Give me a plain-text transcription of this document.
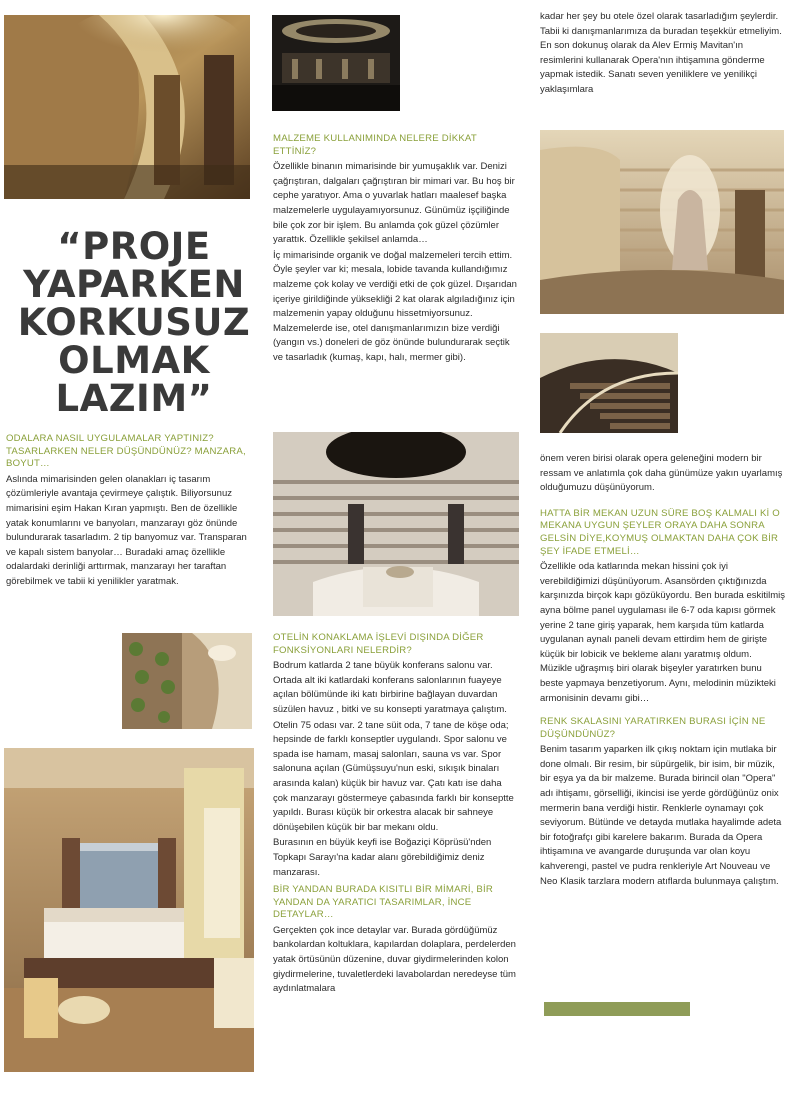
“PROJE
YAPARKEN
KORKUSUZ
OLMAK
LAZIM”

ODALARA NASIL UYGULAMALAR YAPTINIZ? TASARLARKEN NELER DÜŞÜNDÜNÜZ? MANZARA, BOYUT…

Aslında mimarisinden gelen olanakları iç tasarım çözümleriyle avantaja çevirmeye çalıştık. Biliyorsunuz mimarisini eşim Hakan Kıran yapmıştı. Ben de özellikle yatak konumlarını ve banyoları, manzarayı göz önünde bulundurarak tasarladım. 2 tip banyomuz var. Transparan ve kapalı sistem banyolar… Buradaki amaç özellikle odalardaki derinliği arttırmak, manzarayı her taraftan görebilmek ve tabii ki yenilikler yaratmak.

MALZEME KULLANIMINDA NELERE DİKKAT ETTİNİZ?

Özellikle binanın mimarisinde bir yumuşaklık var. Denizi çağrıştıran, dalgaları çağrıştıran bir mimari var. Bu hoş bir cephe yaratıyor. Ama o yuvarlak hatları maalesef başka malzemelerle uygulayamıyorsunuz. Günümüz işçiliğinde bile çok zor bir işlem. Bu anlamda çok güzel çözümler yarattık. Özellikle şekilsel anlamda…

İç mimarisinde organik ve doğal malzemeleri tercih ettim. Öyle şeyler var ki; mesala, lobide tavanda kullandığımız malzeme çok kolay ve verdiği etki de çok güzel. Dışarıdan içeriye girildiğinde yüksekliği 2 kat olarak algıladığınız için malzemenin yapay olduğunu hissetmiyorsunuz. Malzemelerde ise, otel danışmanlarımızın bize verdiği (yangın vs.) doneleri de göz önünde bulundurarak seçtik ve tasarladık (kumaş, kapı, halı, mermer gibi).

OTELİN KONAKLAMA İŞLEVİ DIŞINDA DİĞER FONKSİYONLARI NELERDİR?

Bodrum katlarda 2 tane büyük konferans salonu var. Ortada alt iki katlardaki konferans salonlarının fuayeye açılan bölümünde iki katı birbirine bağlayan duvardan süzülen havuz , bitki ve su konsepti yaratmaya çalıştım.

Otelin 75 odası var. 2 tane süit oda, 7 tane de köşe oda; hepsinde de farklı konseptler uygulandı. Spor salonu ve spada ise hamam, masaj salonları, sauna vs var. Spor salonuna açılan (Gümüşsuyu'nun eski, sıkışık binaları arasında kalan) küçük bir havuz var. Çatı katı ise daha çok manzarayı göstermeye çabasında farklı bir konseptte yapıldı. Burası küçük bir orkestra alacak bir sahneye dönüşebilen küçük bir bar mekanı oldu.

Burasının en büyük keyfi ise Boğaziçi Köprüsü'nden Topkapı Sarayı'na kadar alanı görebildiğimiz deniz manzarası.

BİR YANDAN BURADA KISITLI BİR MİMARİ, BİR YANDAN DA YARATICI TASARIMLAR, İNCE DETAYLAR…

Gerçekten çok ince detaylar var. Burada gördüğümüz bankolardan koltuklara, kapılardan dolaplara, perdelerden yatak örtüsünün düzenine, duvar giydirmelerinden kolon giydirmelerine, tuvaletlerdeki lavabolardan neredeyse tüm aydınlatmalara

kadar her şey bu otele özel olarak tasarladığım şeylerdir. Tabii ki danışmanlarımıza da buradan teşekkür etmeliyim. En son dokunuş olarak da Alev Ermiş Mavitan'ın resimlerini kullanarak Opera'nın ihtişamına gönderme yapmak istedik. Sanatı seven yeniliklere ve yenilikçi yaklaşımlara

önem veren birisi olarak opera geleneğini modern bir ressam ve anlatımla çok daha günümüze yakın uyarlamış olduğumuzu düşünüyorum.

HATTA BİR MEKAN UZUN SÜRE BOŞ KALMALI Kİ O MEKANA UYGUN ŞEYLER ORAYA DAHA SONRA GELSİN DİYE,KOYMUŞ OLMAKTAN DAHA ÇOK BİR ŞEY İFADE ETMELİ…

Özellikle oda katlarında mekan hissini çok iyi verebildiğimizi düşünüyorum. Asansörden çıktığınızda karşınızda birçok kapı gözüküyordu. Ben burada eskitilmiş ayna bölme panel uygulaması ile 6-7 oda kapısı görmek yerine 2 tane giriş yaparak, hem karşıda tüm katlarda uygulanan aynalı paneli devam ettirdim hem de girişte küçük bir lobicik ve bekleme alanı yaratmış oldum. Müzikle uğraşmış biri olarak bişeyler yaratırken bunu beste yapmaya benzetiyorum. Aynı, melodinin müzikteki armonisinin devamı gibi…

RENK SKALASINI YARATIRKEN BURASI İÇİN NE DÜŞÜNDÜNÜZ?

Benim tasarım yaparken ilk çıkış noktam için mutlaka bir done olmalı. Bir resim, bir süpürgelik, bir isim, bir müzik, bir eşya ya da bir malzeme. Burada birincil olan "Opera" adı ihtişamı, görselliği, ikincisi ise yerde gördüğünüz onix mermerin bana verdiği histir. Renklerle oynamayı çok seviyorum. Bütünde ve detayda mutlaka hayalimde adeta bir fotoğrafçı gibi karelere bakarım. Burada da Opera ihtişamına ve avangarde duruşunda var olan koyu kahverengi, pastel ve pudra renkleriyle Art Nouveau ve Neo Klasik tarzlara modern atıflarda bulunmaya çalıştım.
